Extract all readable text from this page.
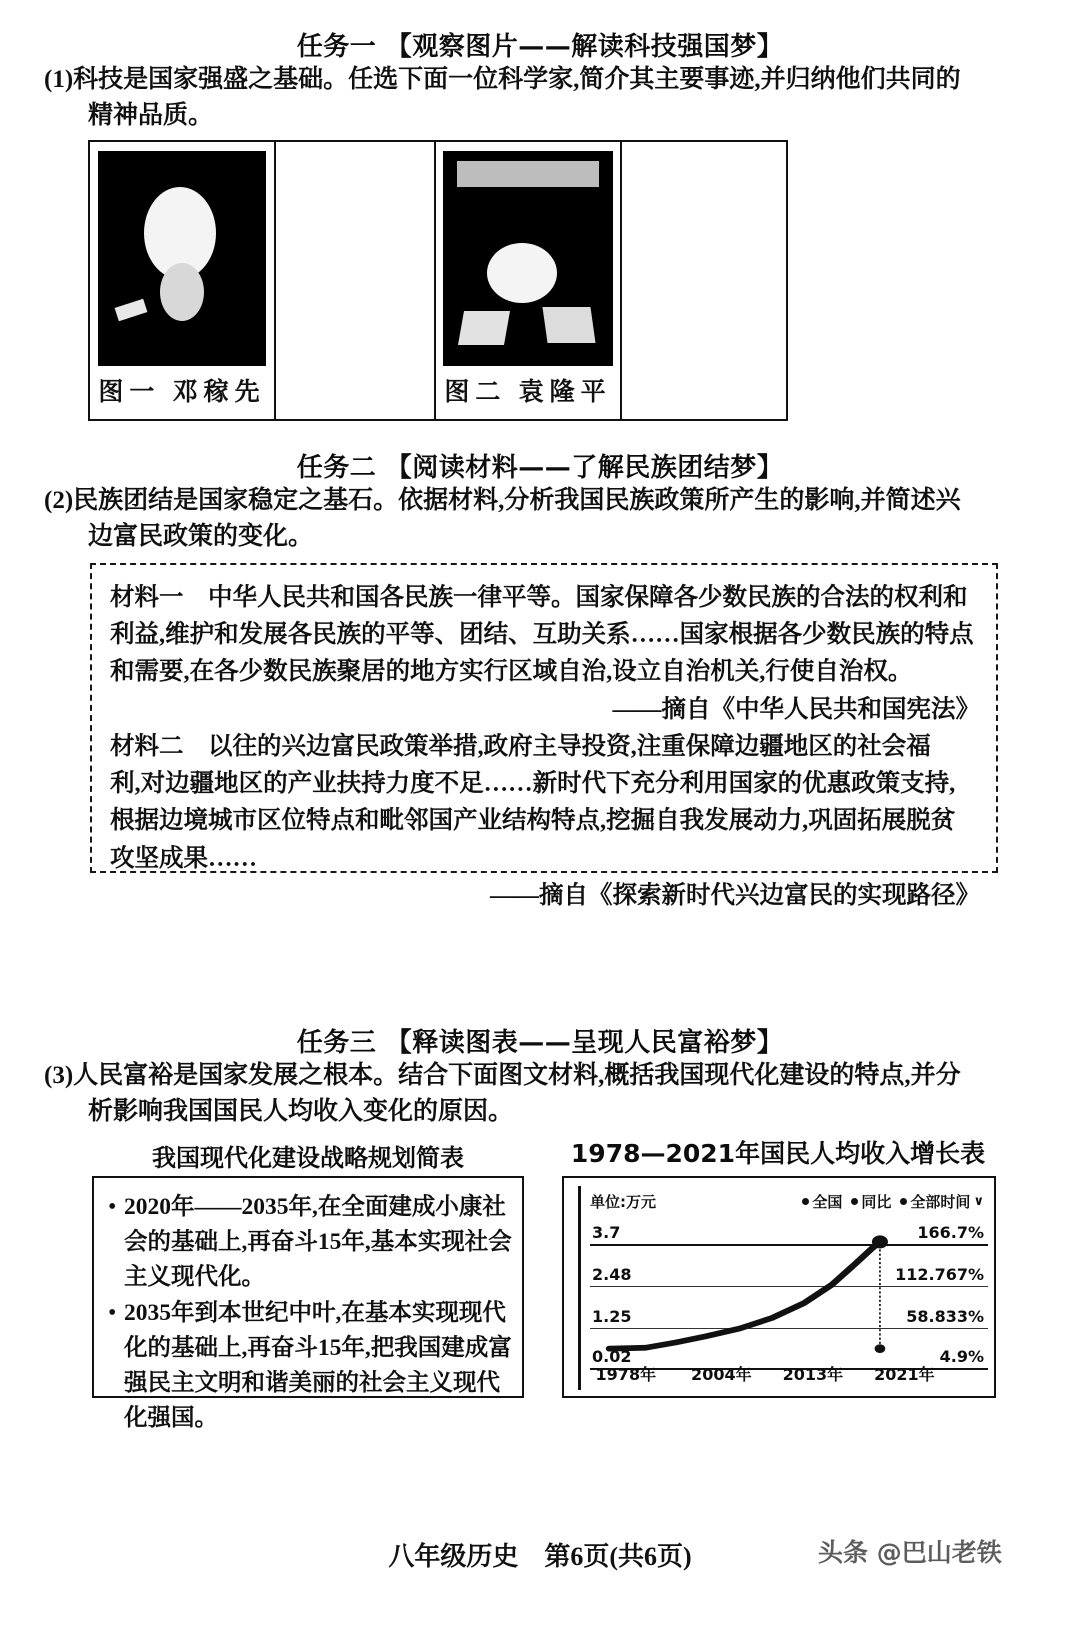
任务一 【观察图片——解读科技强国梦】
(1)科技是国家强盛之基础。任选下面一位科学家,简介其主要事迹,并归纳他们共同的
精神品质。
图一 邓稼先	图二 袁隆平
任务二 【阅读材料——了解民族团结梦】
(2)民族团结是国家稳定之基石。依据材料,分析我国民族政策所产生的影响,并简述兴
边富民政策的变化。
材料一　中华人民共和国各民族一律平等。国家保障各少数民族的合法的权利和
利益,维护和发展各民族的平等、团结、互助关系……国家根据各少数民族的特点
和需要,在各少数民族聚居的地方实行区域自治,设立自治机关,行使自治权。
——摘自《中华人民共和国宪法》
材料二　以往的兴边富民政策举措,政府主导投资,注重保障边疆地区的社会福
利,对边疆地区的产业扶持力度不足……新时代下充分利用国家的优惠政策支持,
根据边境城市区位特点和毗邻国产业结构特点,挖掘自我发展动力,巩固拓展脱贫
攻坚成果……
——摘自《探索新时代兴边富民的实现路径》
任务三 【释读图表——呈现人民富裕梦】
(3)人民富裕是国家发展之根本。结合下面图文材料,概括我国现代化建设的特点,并分
析影响我国国民人均收入变化的原因。
我国现代化建设战略规划简表	1978—2021年国民人均收入增长表
• 2020年——2035年,在全面建成小康社会的基础上,再奋斗15年,基本实现社会主义现代化。
• 2035年到本世纪中叶,在基本实现现代化的基础上,再奋斗15年,把我国建成富强民主文明和谐美丽的社会主义现代化强国。
单位:万元	全国 同比 全部时间 ∨
3.7
2.48
1.25
0.02
166.7%
112.767%
58.833%
4.9%
1978年 2004年 2013年 2021年
八年级历史　第6页(共6页)	头条 @巴山老铁
